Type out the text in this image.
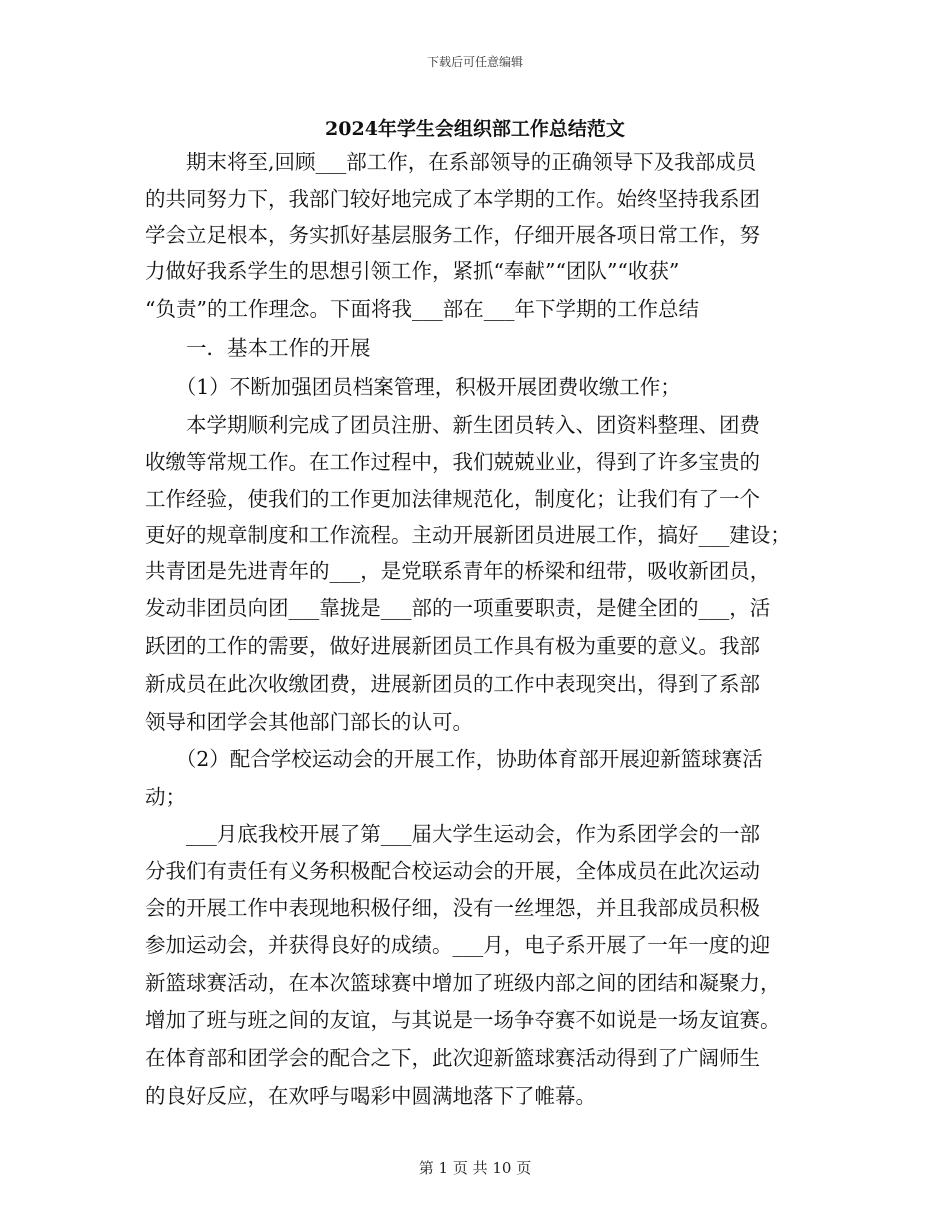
下载后可任意编辑
2024年学生会组织部工作总结范文
　　期末将至,回顾___部工作，在系部领导的正确领导下及我部成员
的共同努力下，我部门较好地完成了本学期的工作。始终坚持我系团
学会立足根本，务实抓好基层服务工作，仔细开展各项日常工作，努
力做好我系学生的思想引领工作，紧抓“奉献”“团队”“收获”
“负责”的工作理念。下面将我___部在___年下学期的工作总结
　　一．基本工作的开展
　　（1）不断加强团员档案管理，积极开展团费收缴工作；
　　本学期顺利完成了团员注册、新生团员转入、团资料整理、团费
收缴等常规工作。在工作过程中，我们兢兢业业，得到了许多宝贵的
工作经验，使我们的工作更加法律规范化，制度化；让我们有了一个
更好的规章制度和工作流程。主动开展新团员进展工作，搞好___建设；
共青团是先进青年的___，是党联系青年的桥梁和纽带，吸收新团员，
发动非团员向团___靠拢是___部的一项重要职责，是健全团的___，活
跃团的工作的需要，做好进展新团员工作具有极为重要的意义。我部
新成员在此次收缴团费，进展新团员的工作中表现突出，得到了系部
领导和团学会其他部门部长的认可。
　　（2）配合学校运动会的开展工作，协助体育部开展迎新篮球赛活
动；
　　___月底我校开展了第___届大学生运动会，作为系团学会的一部
分我们有责任有义务积极配合校运动会的开展，全体成员在此次运动
会的开展工作中表现地积极仔细，没有一丝埋怨，并且我部成员积极
参加运动会，并获得良好的成绩。___月，电子系开展了一年一度的迎
新篮球赛活动，在本次篮球赛中增加了班级内部之间的团结和凝聚力，
增加了班与班之间的友谊，与其说是一场争夺赛不如说是一场友谊赛。
在体育部和团学会的配合之下，此次迎新篮球赛活动得到了广阔师生
的良好反应，在欢呼与喝彩中圆满地落下了帷幕。
第 1 页 共 10 页
